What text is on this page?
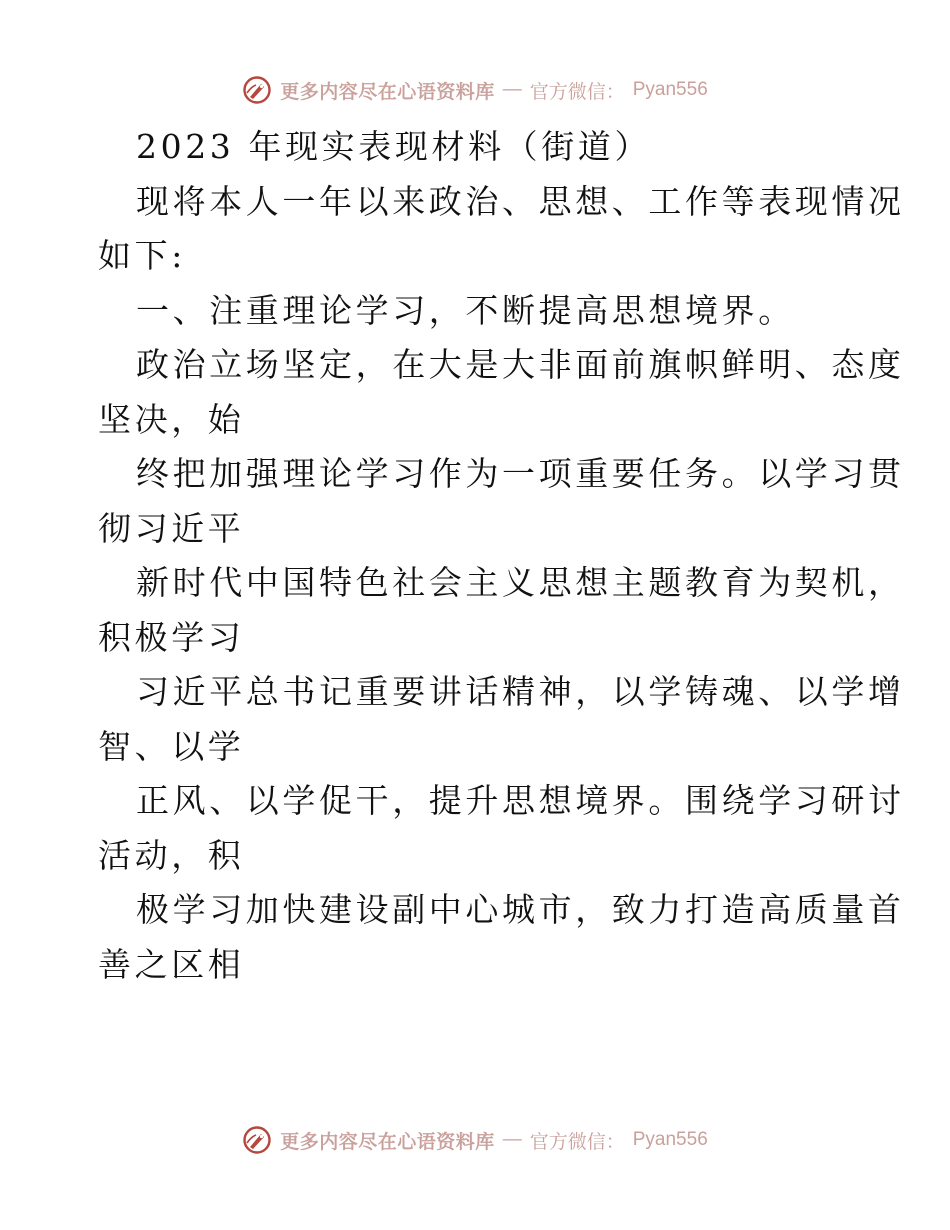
更多内容尽在心语资料库 — 官方微信： Pyan556
2023 年现实表现材料（街道）
现将本人一年以来政治、思想、工作等表现情况
如下:
一、注重理论学习，不断提高思想境界。
政治立场坚定，在大是大非面前旗帜鲜明、态度
坚决，始
终把加强理论学习作为一项重要任务。以学习贯
彻习近平
新时代中国特色社会主义思想主题教育为契机，
积极学习
习近平总书记重要讲话精神，以学铸魂、以学增
智、以学
正风、以学促干，提升思想境界。围绕学习研讨
活动，积
极学习加快建设副中心城市，致力打造高质量首
善之区相
更多内容尽在心语资料库 — 官方微信： Pyan556
